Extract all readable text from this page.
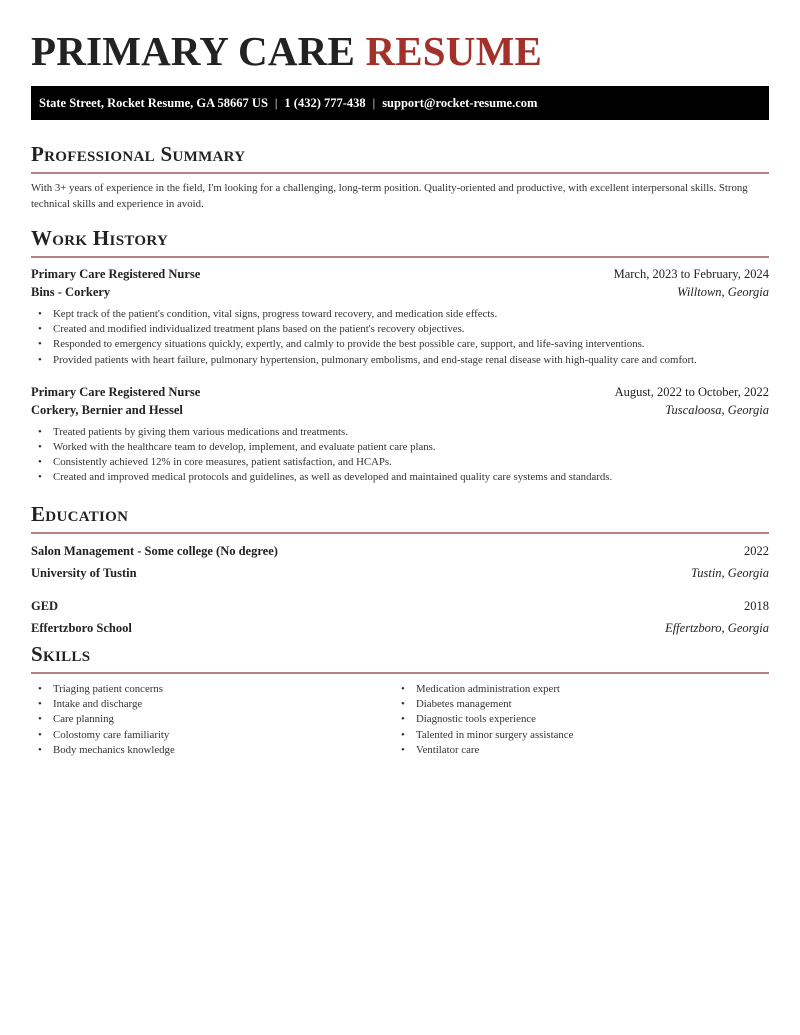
PRIMARY CARE RESUME
State Street, Rocket Resume, GA 58667 US | 1 (432) 777-438 | support@rocket-resume.com
Professional Summary
With 3+ years of experience in the field, I'm looking for a challenging, long-term position. Quality-oriented and productive, with excellent interpersonal skills. Strong technical skills and experience in avoid.
Work History
Primary Care Registered Nurse	March, 2023 to February, 2024
Bins - Corkery	Willtown, Georgia
• Kept track of the patient's condition, vital signs, progress toward recovery, and medication side effects.
• Created and modified individualized treatment plans based on the patient's recovery objectives.
• Responded to emergency situations quickly, expertly, and calmly to provide the best possible care, support, and life-saving interventions.
• Provided patients with heart failure, pulmonary hypertension, pulmonary embolisms, and end-stage renal disease with high-quality care and comfort.
Primary Care Registered Nurse	August, 2022 to October, 2022
Corkery, Bernier and Hessel	Tuscaloosa, Georgia
• Treated patients by giving them various medications and treatments.
• Worked with the healthcare team to develop, implement, and evaluate patient care plans.
• Consistently achieved 12% in core measures, patient satisfaction, and HCAPs.
• Created and improved medical protocols and guidelines, as well as developed and maintained quality care systems and standards.
Education
Salon Management - Some college (No degree)	2022
University of Tustin	Tustin, Georgia
GED	2018
Effertzboro School	Effertzboro, Georgia
Skills
• Triaging patient concerns
• Intake and discharge
• Care planning
• Colostomy care familiarity
• Body mechanics knowledge
• Medication administration expert
• Diabetes management
• Diagnostic tools experience
• Talented in minor surgery assistance
• Ventilator care
